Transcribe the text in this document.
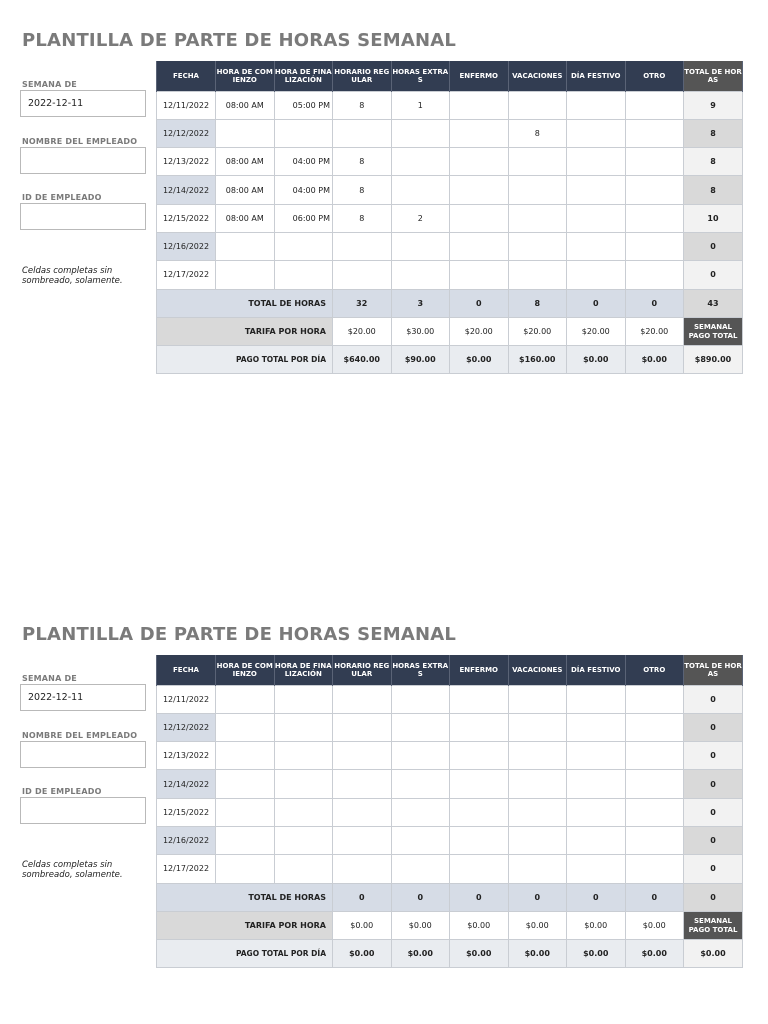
PLANTILLA DE PARTE DE HORAS SEMANAL
SEMANA DE
2022-12-11
NOMBRE DEL EMPLEADO
ID DE EMPLEADO
Celdas completas sin sombreado, solamente.
FECHA	HORA DE COMIENZO	HORA DE FINALIZACIÓN	HORARIO REGULAR	HORAS EXTRAS	ENFERMO	VACACIONES	DÍA FESTIVO	OTRO	TOTAL DE HORAS
12/11/2022	08:00 AM	05:00 PM	8	1					9
12/12/2022						8			8
12/13/2022	08:00 AM	04:00 PM	8						8
12/14/2022	08:00 AM	04:00 PM	8						8
12/15/2022	08:00 AM	06:00 PM	8	2					10
12/16/2022									0
12/17/2022									0
TOTAL DE HORAS			32	3	0	8	0	0	43
TARIFA POR HORA			$20.00	$30.00	$20.00	$20.00	$20.00	$20.00	SEMANAL PAGO TOTAL
PAGO TOTAL POR DÍA			$640.00	$90.00	$0.00	$160.00	$0.00	$0.00	$890.00
PLANTILLA DE PARTE DE HORAS SEMANAL
SEMANA DE
2022-12-11
NOMBRE DEL EMPLEADO
ID DE EMPLEADO
Celdas completas sin sombreado, solamente.
FECHA	HORA DE COMIENZO	HORA DE FINALIZACIÓN	HORARIO REGULAR	HORAS EXTRAS	ENFERMO	VACACIONES	DÍA FESTIVO	OTRO	TOTAL DE HORAS
12/11/2022									0
12/12/2022									0
12/13/2022									0
12/14/2022									0
12/15/2022									0
12/16/2022									0
12/17/2022									0
TOTAL DE HORAS			0	0	0	0	0	0	0
TARIFA POR HORA			$0.00	$0.00	$0.00	$0.00	$0.00	$0.00	SEMANAL PAGO TOTAL
PAGO TOTAL POR DÍA			$0.00	$0.00	$0.00	$0.00	$0.00	$0.00	$0.00
